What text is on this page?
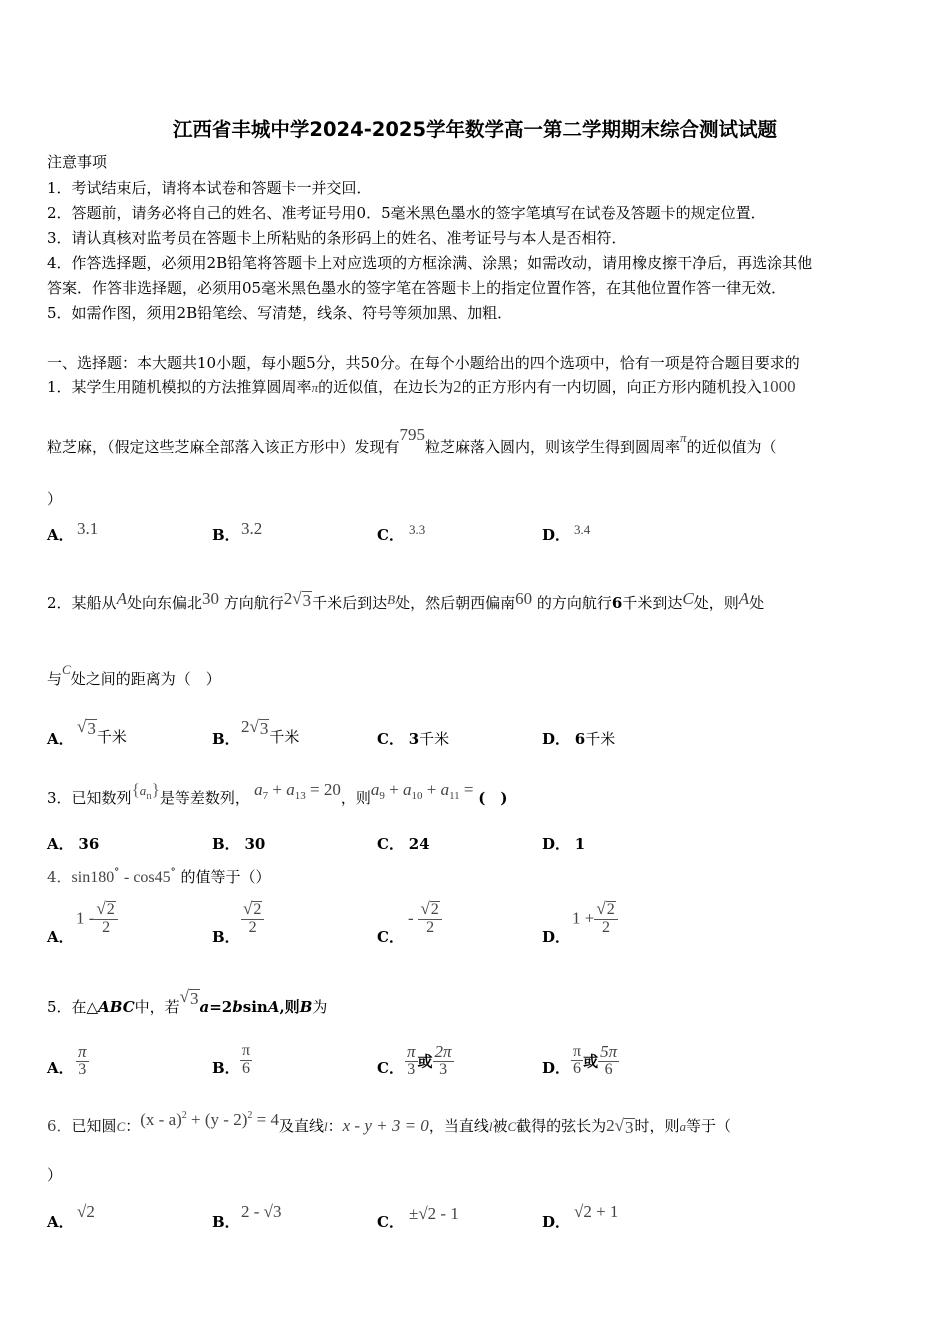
江西省丰城中学2024-2025学年数学高一第二学期期末综合测试试题
注意事项
1．考试结束后，请将本试卷和答题卡一并交回．
2．答题前，请务必将自己的姓名、准考证号用0．5毫米黑色墨水的签字笔填写在试卷及答题卡的规定位置．
3．请认真核对监考员在答题卡上所粘贴的条形码上的姓名、准考证号与本人是否相符．
4．作答选择题，必须用2B铅笔将答题卡上对应选项的方框涂满、涂黑；如需改动，请用橡皮擦干净后，再选涂其他
答案．作答非选择题，必须用05毫米黑色墨水的签字笔在答题卡上的指定位置作答，在其他位置作答一律无效．
5．如需作图，须用2B铅笔绘、写清楚，线条、符号等须加黑、加粗．
一、选择题：本大题共10小题，每小题5分，共50分。在每个小题给出的四个选项中，恰有一项是符合题目要求的
1．某学生用随机模拟的方法推算圆周率π的近似值，在边长为2的正方形内有一内切圆，向正方形内随机投入1000
粒芝麻，（假定这些芝麻全部落入该正方形中）发现有795粒芝麻落入圆内，则该学生得到圆周率π的近似值为（
）
A． 3.1	B． 3.2	C． 3.3	D． 3.4
2．某船从A处向东偏北30 方向航行2 √ 3 千米后到达B处，然后朝西偏南60 的方向航行6千米到达C处，则A处
与C处之间的距离为（　）
A．
√ 3 千米	B．
2 √ 3 千米	C． 3千米	D． 6千米
3．已知数列$\{a_n\}$是等差数列， $a_7 + a_{13} = 20$，则$a_9 + a_{10} + a_{11}$ = (　)
A． 36	B． 30	C． 24	D． 1
4．sin180° - cos45° 的值等于（）
A．
$1 - \frac{√ 2}{2}$
B．
$\frac{√ 2}{2}$
C．
- $\frac{√ 2}{2}$
D．
$1 + \frac{√ 2}{2}$
5．在△ABC中，若
√ 3 a=2bsinA,则B为
A． $\frac{\pi}{3}$	B． $\frac{\pi}{6}$	C． $\frac{\pi}{3}$ 或 $\frac{2\pi}{3}$	D． $\frac{\pi}{6}$ 或 $\frac{5\pi}{6}$
6．已知圆C：(x - a)$^2$ + (y - 2)$^2$ = 4及直线l：x - y + 3 = 0，当直线l被C截得的弦长为2 √ 3 时，则a等于（
）
A．
√2
B．
2 - √3
C． ±√2 - 1	D．
√2 + 1
